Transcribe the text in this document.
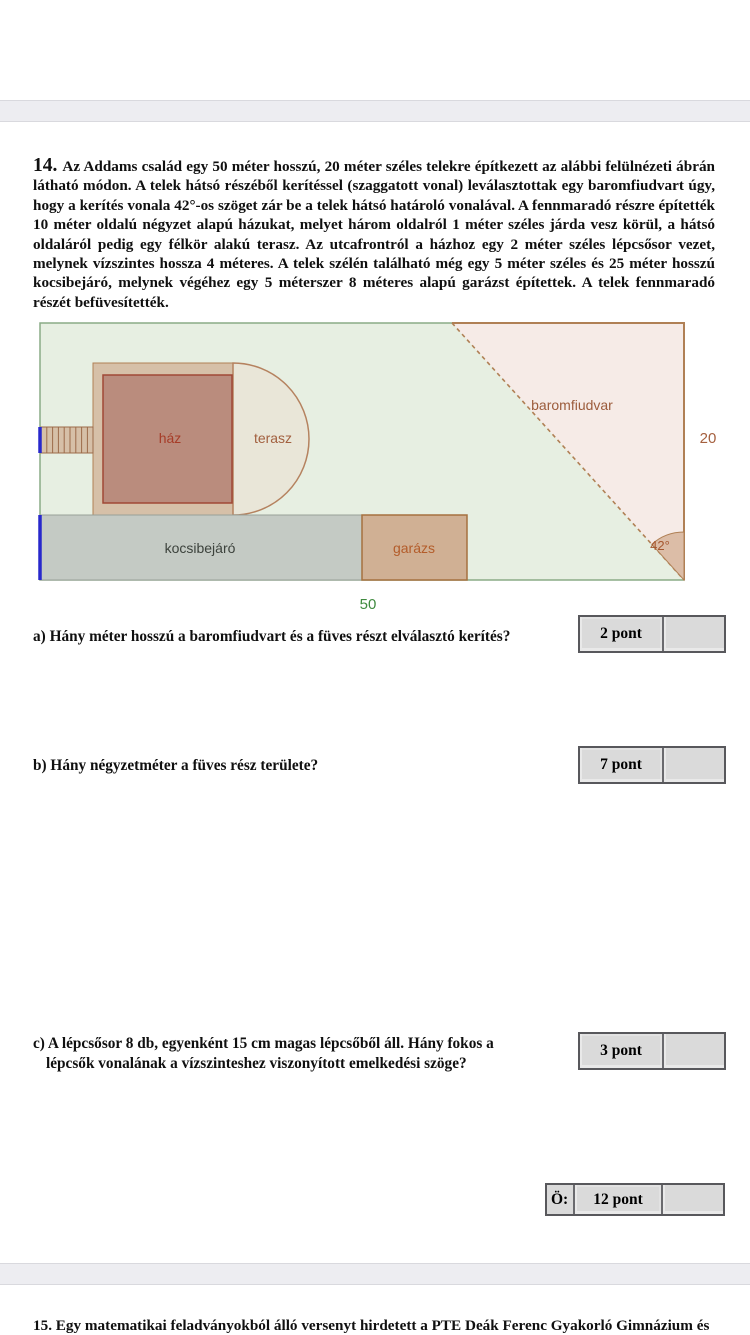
14. Az Addams család egy 50 méter hosszú, 20 méter széles telekre építkezett az alábbi felülnézeti ábrán látható módon. A telek hátsó részéből kerítéssel (szaggatott vonal) leválasztottak egy baromfiudvart úgy, hogy a kerítés vonala 42°-os szöget zár be a telek hátsó határoló vonalával. A fennmaradó részre építették 10 méter oldalú négyzet alapú házukat, melyet három oldalról 1 méter széles járda vesz körül, a hátsó oldaláról pedig egy félkör alakú terasz. Az utcafrontról a házhoz egy 2 méter széles lépcsősor vezet, melynek vízszintes hossza 4 méteres. A telek szélén található még egy 5 méter széles és 25 méter hosszú kocsibejáró, melynek végéhez egy 5 méterszer 8 méteres alapú garázst építettek. A telek fennmaradó részét befüvesítették.
42°
baromfiudvar
ház	terasz
kocsibejáró	garázs
20
50
a) Hány méter hosszú a baromfiudvart és a füves részt elválasztó kerítés?	2 pont
b) Hány négyzetméter a füves rész területe?	7 pont
c) A lépcsősor 8 db, egyenként 15 cm magas lépcsőből áll. Hány fokos a
lépcsők vonalának a vízszinteshez viszonyított emelkedési szöge?
3 pont
Ö:	12 pont
15. Egy matematikai feladványokból álló versenyt hirdetett a PTE Deák Ferenc Gyakorló Gimnázium és
